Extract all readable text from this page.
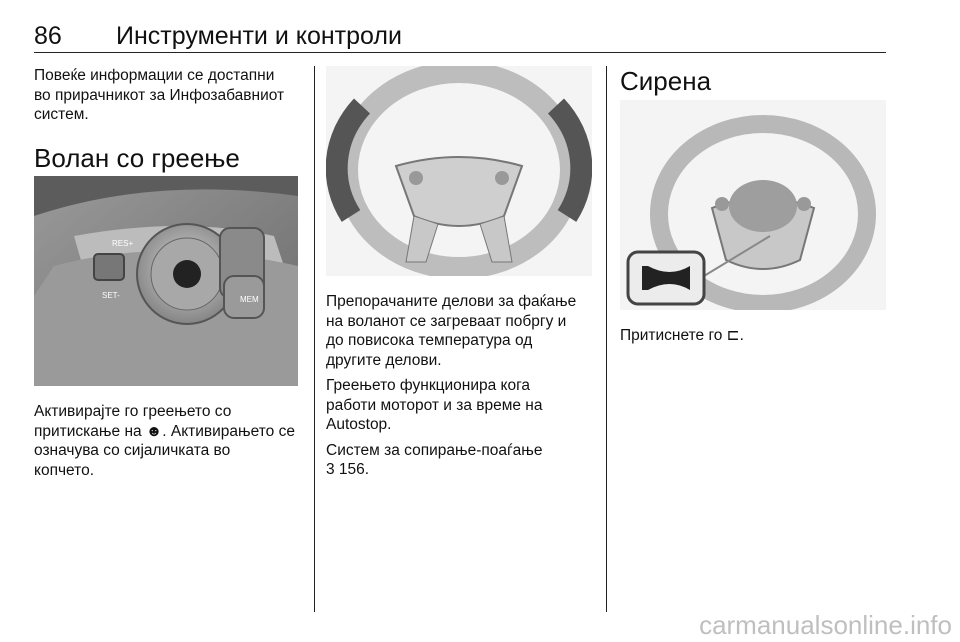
86 Инструменти и контроли
Повеќе информации се достапни
во прирачникот за Инфозабавниот
систем.
Волан со греење
RES+
SET-	MEM
Активирајте го греењето со
притискање на ☻. Активирањето се
означува со сијаличката во
копчето.

Препорачаните делови за фаќање
на воланот се загреваат побргу и
до повисока температура од
другите делови.

Греењето функционира кога
работи моторот и за време на
Autostop.

Систем за сопирање-поаѓање
3 156.

Сирена
Притиснете го ⊏.
carmanualsonline.info
